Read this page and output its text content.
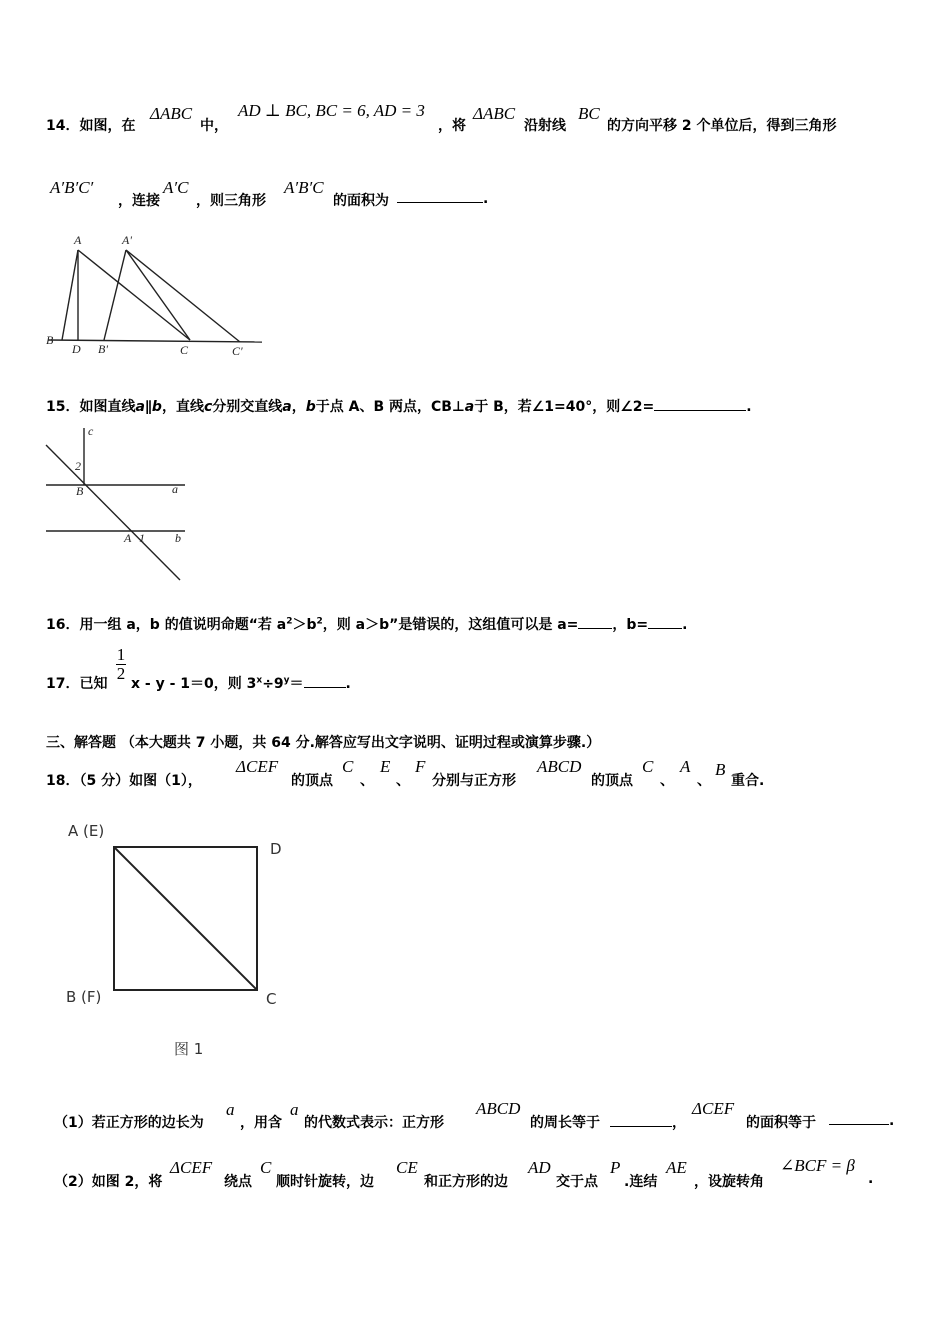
14．如图，在
ΔABC
中，
AD ⊥ BC, BC = 6, AD = 3
，将
ΔABC
沿射线
BC
的方向平移 2 个单位后，得到三角形
A′B′C′
，连接
A′C
，则三角形
A′B′C
的面积为	.
A	A'
B
D B'	C	C'
15．如图直线a∥b，直线c分别交直线a，b于点 A、B 两点，CB⊥a于 B，若∠1=40°，则∠2=	.
c
2
B	a
A 1	b
16．用一组 a，b 的值说明命题“若 $a^2>b^2$，则 a＞b”是错误的，这组值可以是 a= ，b= .
17．已知
1
2
x - y - 1＝0，则 $3^x\div 9^y=$	.
三、解答题 （本大题共 7 小题，共 64 分.解答应写出文字说明、证明过程或演算步骤.）
18．（5 分）如图（1），
ΔCEF
的顶点
C
、
E
、
F
分别与正方形
ABCD
的顶点
C
、
A
、
B
重合.
A (E)
D
B (F)	C
图 1
（1）若正方形的边长为
a
，用含
a
的代数式表示：正方形
ABCD
的周长等于	，
ΔCEF
的面积等于	.
（2）如图 2，将
ΔCEF
绕点
C
顺时针旋转，边
CE
和正方形的边
AD
交于点
P
.连结
AE
，设旋转角
∠BCF = β
.
